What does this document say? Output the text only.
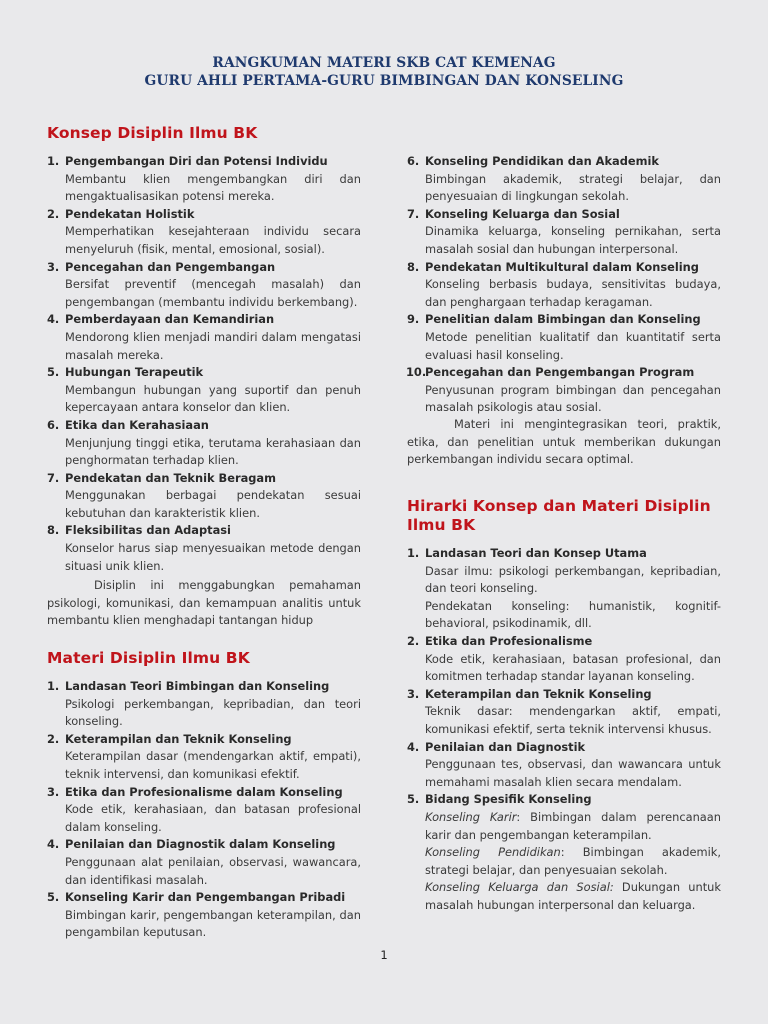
RANGKUMAN MATERI SKB CAT KEMENAG
GURU AHLI PERTAMA-GURU BIMBINGAN DAN KONSELING
Konsep Disiplin Ilmu BK
1. Pengembangan Diri dan Potensi Individu
Membantu klien mengembangkan diri dan mengaktualisasikan potensi mereka.
2. Pendekatan Holistik
Memperhatikan kesejahteraan individu secara menyeluruh (fisik, mental, emosional, sosial).
3. Pencegahan dan Pengembangan
Bersifat preventif (mencegah masalah) dan pengembangan (membantu individu berkembang).
4. Pemberdayaan dan Kemandirian
Mendorong klien menjadi mandiri dalam mengatasi masalah mereka.
5. Hubungan Terapeutik
Membangun hubungan yang suportif dan penuh kepercayaan antara konselor dan klien.
6. Etika dan Kerahasiaan
Menjunjung tinggi etika, terutama kerahasiaan dan penghormatan terhadap klien.
7. Pendekatan dan Teknik Beragam
Menggunakan berbagai pendekatan sesuai kebutuhan dan karakteristik klien.
8. Fleksibilitas dan Adaptasi
Konselor harus siap menyesuaikan metode dengan situasi unik klien.
Disiplin ini menggabungkan pemahaman psikologi, komunikasi, dan kemampuan analitis untuk membantu klien menghadapi tantangan hidup
Materi Disiplin Ilmu BK
1. Landasan Teori Bimbingan dan Konseling
Psikologi perkembangan, kepribadian, dan teori konseling.
2. Keterampilan dan Teknik Konseling
Keterampilan dasar (mendengarkan aktif, empati), teknik intervensi, dan komunikasi efektif.
3. Etika dan Profesionalisme dalam Konseling
Kode etik, kerahasiaan, dan batasan profesional dalam konseling.
4. Penilaian dan Diagnostik dalam Konseling
Penggunaan alat penilaian, observasi, wawancara, dan identifikasi masalah.
5. Konseling Karir dan Pengembangan Pribadi
Bimbingan karir, pengembangan keterampilan, dan pengambilan keputusan.
6. Konseling Pendidikan dan Akademik
Bimbingan akademik, strategi belajar, dan penyesuaian di lingkungan sekolah.
7. Konseling Keluarga dan Sosial
Dinamika keluarga, konseling pernikahan, serta masalah sosial dan hubungan interpersonal.
8. Pendekatan Multikultural dalam Konseling
Konseling berbasis budaya, sensitivitas budaya, dan penghargaan terhadap keragaman.
9. Penelitian dalam Bimbingan dan Konseling
Metode penelitian kualitatif dan kuantitatif serta evaluasi hasil konseling.
10.
Pencegahan dan Pengembangan Program
Penyusunan program bimbingan dan pencegahan masalah psikologis atau sosial.
Materi ini mengintegrasikan teori, praktik, etika, dan penelitian untuk memberikan dukungan perkembangan individu secara optimal.
Hirarki Konsep dan Materi Disiplin
Ilmu BK
1. Landasan Teori dan Konsep Utama
Dasar ilmu: psikologi perkembangan, kepribadian, dan teori konseling.
Pendekatan konseling: humanistik, kognitif-behavioral, psikodinamik, dll.
2. Etika dan Profesionalisme
Kode etik, kerahasiaan, batasan profesional, dan komitmen terhadap standar layanan konseling.
3. Keterampilan dan Teknik Konseling
Teknik dasar: mendengarkan aktif, empati, komunikasi efektif, serta teknik intervensi khusus.
4. Penilaian dan Diagnostik
Penggunaan tes, observasi, dan wawancara untuk memahami masalah klien secara mendalam.
5. Bidang Spesifik Konseling
Konseling Karir: Bimbingan dalam perencanaan karir dan pengembangan keterampilan.
Konseling Pendidikan: Bimbingan akademik, strategi belajar, dan penyesuaian sekolah.
Konseling Keluarga dan Sosial: Dukungan untuk masalah hubungan interpersonal dan keluarga.
1
